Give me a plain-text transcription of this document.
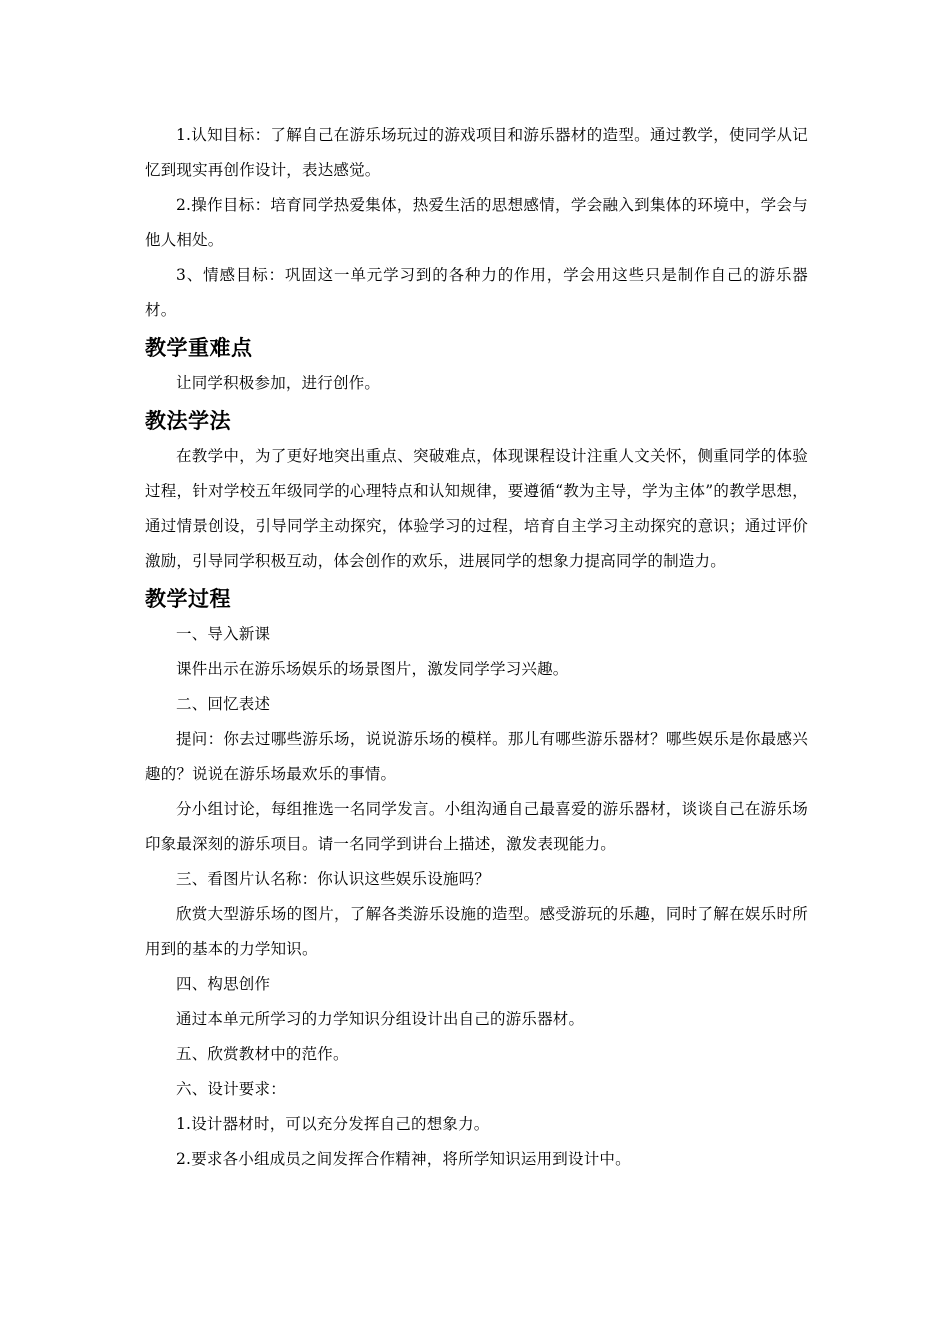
1.认知目标：了解自己在游乐场玩过的游戏项目和游乐器材的造型。通过教学，使同学从记忆到现实再创作设计，表达感觉。

2.操作目标：培育同学热爱集体，热爱生活的思想感情，学会融入到集体的环境中，学会与他人相处。

3、情感目标：巩固这一单元学习到的各种力的作用，学会用这些只是制作自己的游乐器材。

教学重难点

让同学积极参加，进行创作。

教法学法

在教学中，为了更好地突出重点、突破难点，体现课程设计注重人文关怀，侧重同学的体验过程，针对学校五年级同学的心理特点和认知规律，要遵循“教为主导，学为主体”的教学思想，通过情景创设，引导同学主动探究，体验学习的过程，培育自主学习主动探究的意识；通过评价激励，引导同学积极互动，体会创作的欢乐，进展同学的想象力提高同学的制造力。

教学过程

一、导入新课

课件出示在游乐场娱乐的场景图片，激发同学学习兴趣。

二、回忆表述

提问：你去过哪些游乐场，说说游乐场的模样。那儿有哪些游乐器材？哪些娱乐是你最感兴趣的？说说在游乐场最欢乐的事情。

分小组讨论，每组推选一名同学发言。小组沟通自己最喜爱的游乐器材，谈谈自己在游乐场印象最深刻的游乐项目。请一名同学到讲台上描述，激发表现能力。

三、看图片认名称：你认识这些娱乐设施吗？

欣赏大型游乐场的图片，了解各类游乐设施的造型。感受游玩的乐趣，同时了解在娱乐时所用到的基本的力学知识。

四、构思创作

通过本单元所学习的力学知识分组设计出自己的游乐器材。

五、欣赏教材中的范作。

六、设计要求：

1.设计器材时，可以充分发挥自己的想象力。

2.要求各小组成员之间发挥合作精神，将所学知识运用到设计中。
